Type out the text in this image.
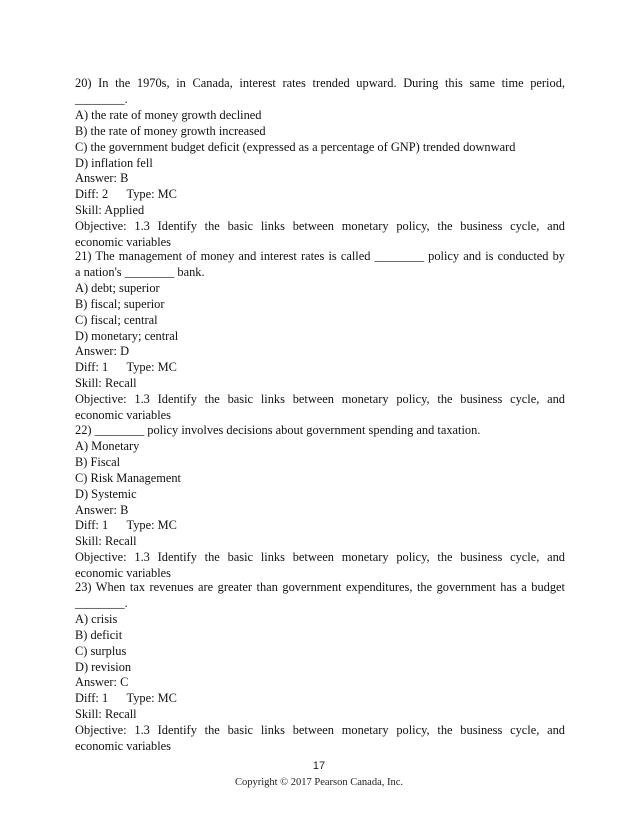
20) In the 1970s, in Canada, interest rates trended upward. During this same time period,
________.
A) the rate of money growth declined
B) the rate of money growth increased
C) the government budget deficit (expressed as a percentage of GNP) trended downward
D) inflation fell
Answer: B
Diff: 2      Type: MC
Skill: Applied
Objective: 1.3 Identify the basic links between monetary policy, the business cycle, and
economic variables
21) The management of money and interest rates is called ________ policy and is conducted by
a nation's ________ bank.
A) debt; superior
B) fiscal; superior
C) fiscal; central
D) monetary; central
Answer: D
Diff: 1      Type: MC
Skill: Recall
Objective: 1.3 Identify the basic links between monetary policy, the business cycle, and
economic variables
22) ________ policy involves decisions about government spending and taxation.
A) Monetary
B) Fiscal
C) Risk Management
D) Systemic
Answer: B
Diff: 1      Type: MC
Skill: Recall
Objective: 1.3 Identify the basic links between monetary policy, the business cycle, and
economic variables
23) When tax revenues are greater than government expenditures, the government has a budget
________.
A) crisis
B) deficit
C) surplus
D) revision
Answer: C
Diff: 1      Type: MC
Skill: Recall
Objective: 1.3 Identify the basic links between monetary policy, the business cycle, and
economic variables
17
Copyright © 2017 Pearson Canada, Inc.
